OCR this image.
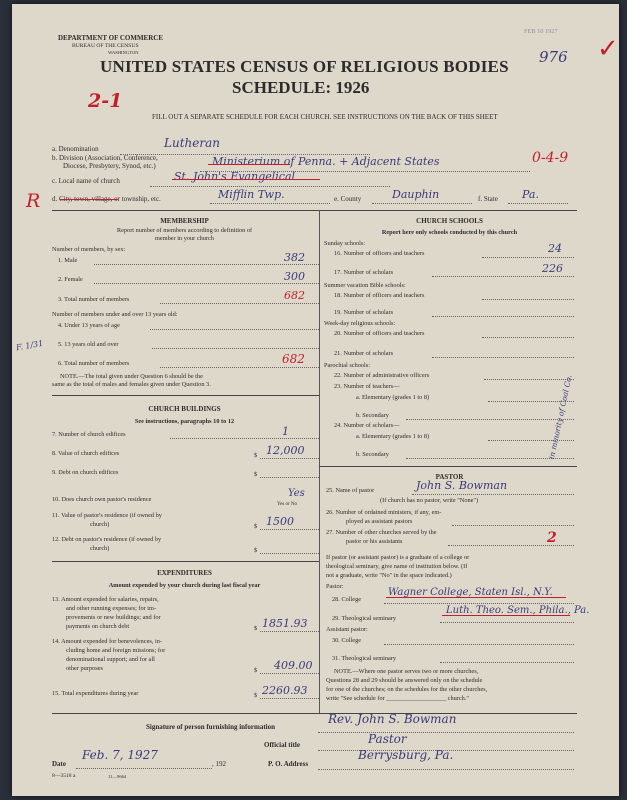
DEPARTMENT OF COMMERCE
BUREAU OF THE CENSUS
WASHINGTON
FEB 10 1927
✓
UNITED STATES CENSUS OF RELIGIOUS BODIES
SCHEDULE: 1926
976
2-1
FILL OUT A SEPARATE SCHEDULE FOR EACH CHURCH. SEE INSTRUCTIONS ON THE BACK OF THIS SHEET
R
a. Denomination	Lutheran
b. Division (Association, Conference,
Diocese, Presbytery, Synod, etc.)	Ministerium of Penna. + Adjacent States	0-4-9
c. Local name of church	St. John's Evangelical
d. City, town, village, or township, etc.	Mifflin Twp.	e. County	Dauphin	f. State Pa.
MEMBERSHIP
Report number of members according to definition of
member in your church
Number of members, by sex:
1. Male	382
2. Female	300
3. Total number of members	682
Number of members under and over 13 years old:
4. Under 13 years of age
5. 13 years old and over
F. 1/31
6. Total number of members	682
NOTE.—The total given under Question 6 should be the
same as the total of males and females given under Question 3.
CHURCH BUILDINGS
See instructions, paragraphs 10 to 12
7. Number of church edifices	1
8. Value of church edifices	$ 12,000
9. Debt on church edifices	$
10. Does church own pastor's residence
Yes
Yes or No
11. Value of pastor's residence (if owned by
church)	$ 1500
12. Debt on pastor's residence (if owned by
church)	$
EXPENDITURES
Amount expended by your church during last fiscal year
13. Amount expended for salaries, repairs,
and other running expenses; for im-
provements or new buildings; and for
payments on church debt	$ 1851.93
14. Amount expended for benevolences, in-
cluding home and foreign missions; for
denominational support; and for all
other purposes	$ 409.00
15. Total expenditures during year	$ 2260.93
CHURCH SCHOOLS
Report here only schools conducted by this church
Sunday schools:
16. Number of officers and teachers	24
17. Number of scholars	226
Summer vacation Bible schools:
18. Number of officers and teachers
19. Number of scholars
Week-day religious schools:
20. Number of officers and teachers
21. Number of scholars
Parochial schools:
22. Number of administrative officers
23. Number of teachers—
a. Elementary (grades 1 to 8)
b. Secondary
24. Number of scholars—
a. Elementary (grades 1 to 8)
b. Secondary
PASTOR
25. Name of pastor	John S. Bowman
(If church has no pastor, write "None")
26. Number of ordained ministers, if any, em-
ployed as assistant pastors
27. Number of other churches served by the
pastor or his assistants	2
in minority of Coal Co.
If pastor (or assistant pastor) is a graduate of a college or
theological seminary, give name of institution below. (If
not a graduate, write "No" in the space indicated.)
Pastor:
28. College
Wagner College, Staten Isl., N.Y.
29. Theological seminary
Luth. Theo. Sem., Phila., Pa.
Assistant pastor:
30. College
31. Theological seminary
NOTE.—Where one pastor serves two or more churches,
Questions 28 and 29 should be answered only on the schedule
for one of the churches; on the schedules for the other churches,
write "See schedule for ___________________ church."
Signature of person furnishing information
Rev. John S. Bowman
Official title	Pastor
Date
Feb. 7, 1927
, 192	P. O. Address
Berrysburg, Pa.
8—3518 a	11—9664
